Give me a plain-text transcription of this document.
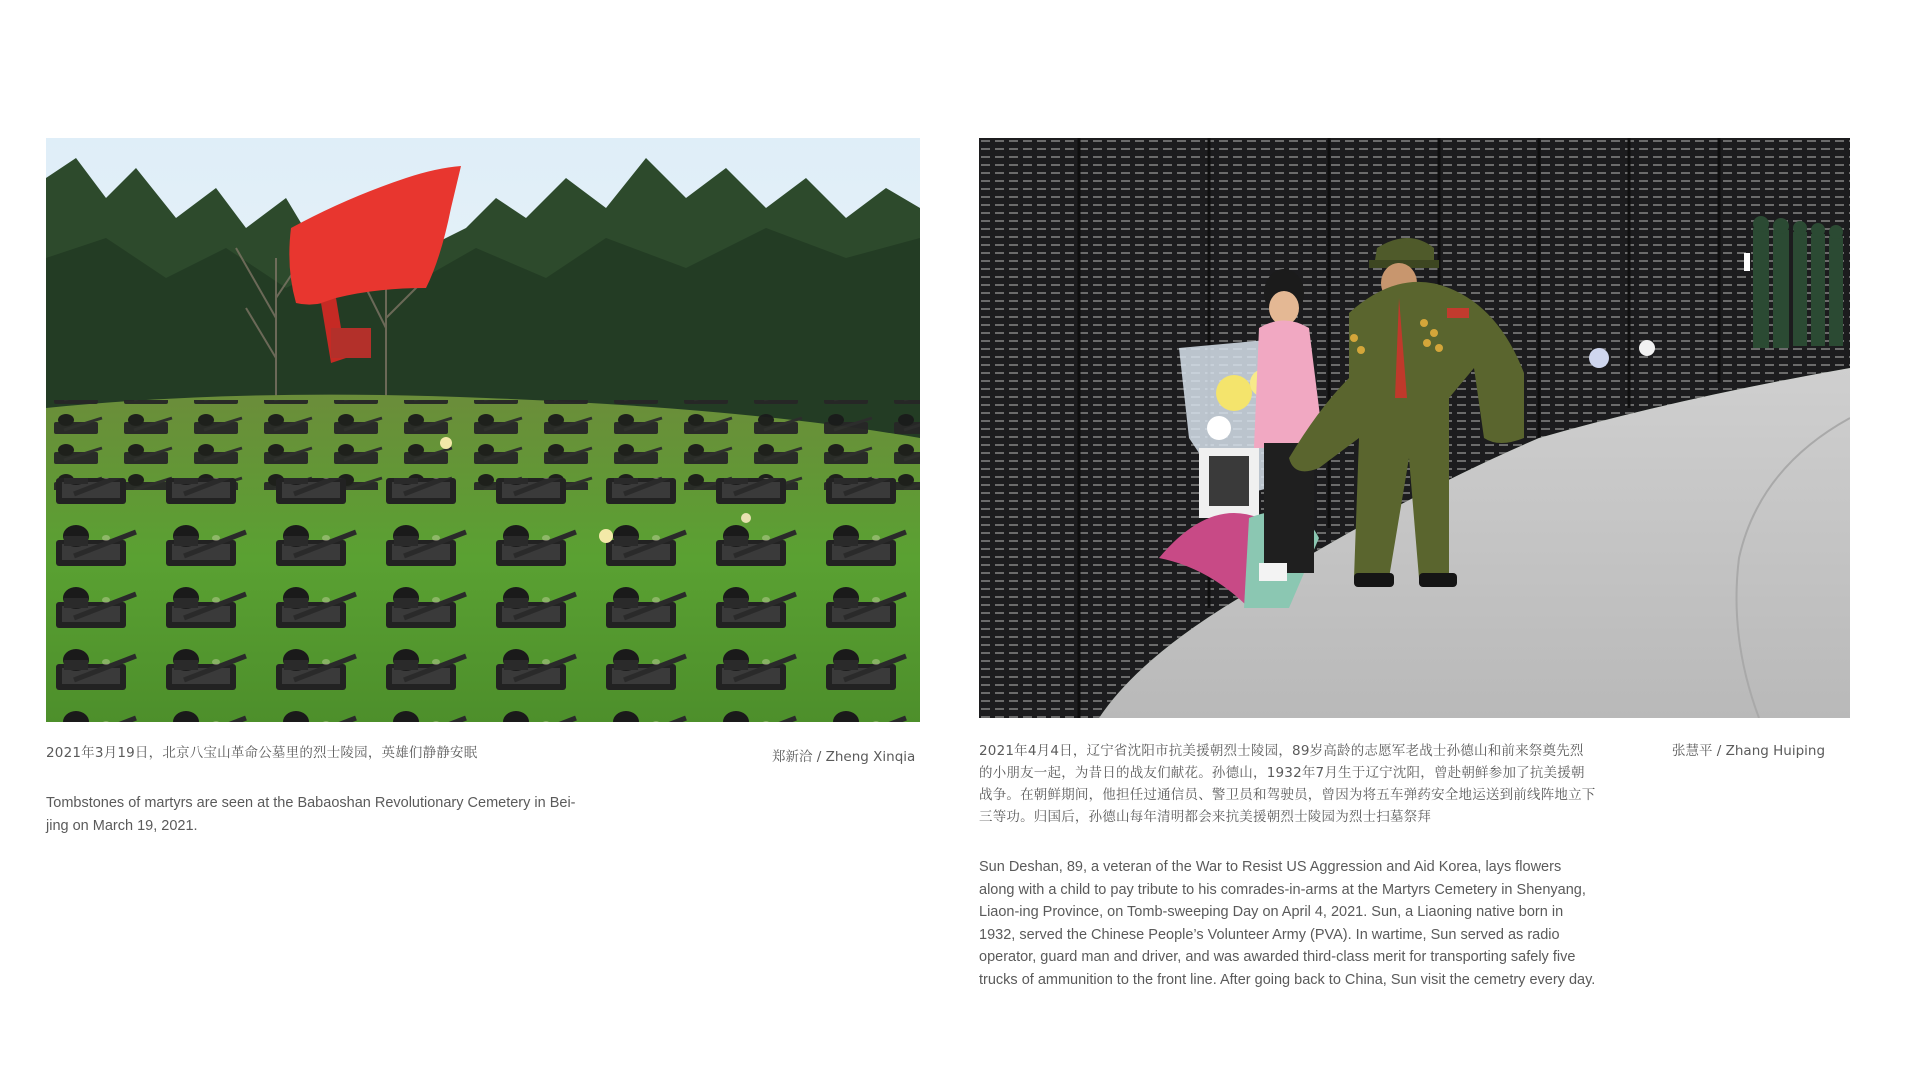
2021年3月19日，北京八宝山革命公墓里的烈士陵园，英雄们静静安眠	郑新洽 / Zheng Xinqia
Tombstones of martyrs are seen at the Babaoshan Revolutionary Cemetery in Bei-jing on March 19, 2021.
2021年4月4日，辽宁省沈阳市抗美援朝烈士陵园，89岁高龄的志愿军老战士孙德山和前来祭奠先烈的小朋友一起，为昔日的战友们献花。孙德山，1932年7月生于辽宁沈阳，曾赴朝鲜参加了抗美援朝战争。在朝鲜期间，他担任过通信员、警卫员和驾驶员，曾因为将五车弹药安全地运送到前线阵地立下三等功。归国后，孙德山每年清明都会来抗美援朝烈士陵园为烈士扫墓祭拜
张慧平 / Zhang Huiping
Sun Deshan, 89, a veteran of the War to Resist US Aggression and Aid Korea, lays flowers along with a child to pay tribute to his comrades-in-arms at the Martyrs Cemetery in Shenyang, Liaon-ing Province, on Tomb-sweeping Day on April 4, 2021. Sun, a Liaoning native born in 1932, served the Chinese People’s Volunteer Army (PVA). In wartime, Sun served as radio operator, guard man and driver, and was awarded third-class merit for transporting safely five trucks of ammunition to the front line. After going back to China, Sun visit the cemetry every day.
